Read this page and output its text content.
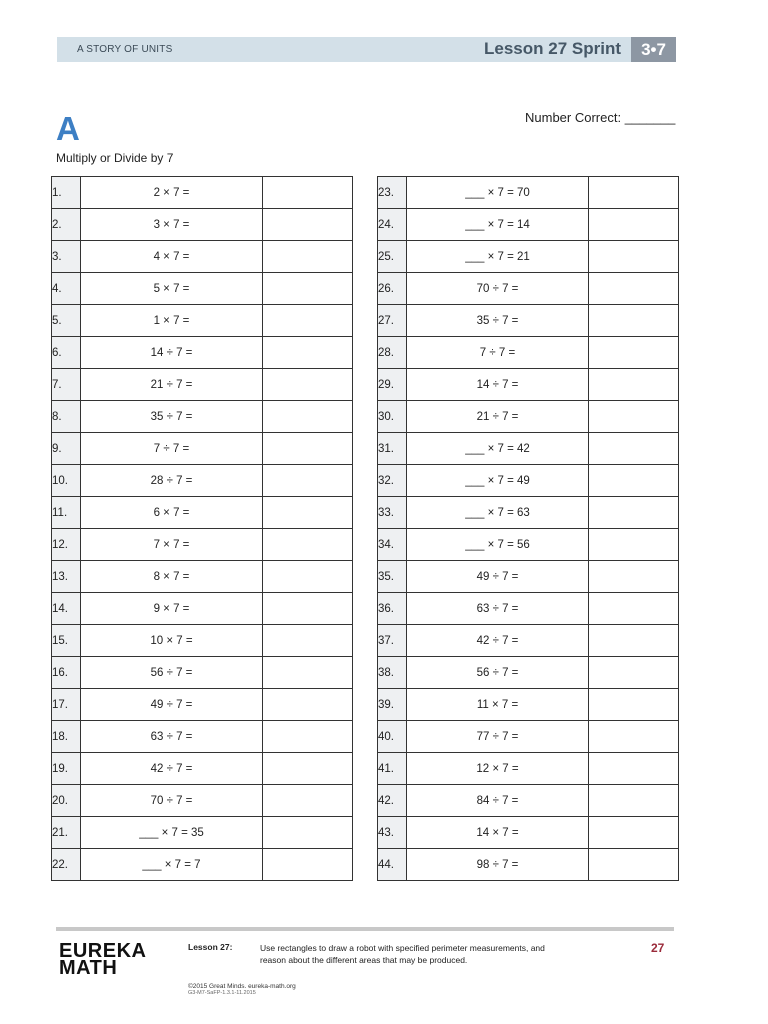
A STORY OF UNITS	Lesson 27 Sprint	3•7
A	Number Correct: _______
Multiply or Divide by 7
1.	2 × 7 =	
2.	3 × 7 =	
3.	4 × 7 =	
4.	5 × 7 =	
5.	1 × 7 =	
6.	14 ÷ 7 =	
7.	21 ÷ 7 =	
8.	35 ÷ 7 =	
9.	7 ÷ 7 =	
10.	28 ÷ 7 =	
11.	6 × 7 =	
12.	7 × 7 =	
13.	8 × 7 =	
14.	9 × 7 =	
15.	10 × 7 =	
16.	56 ÷ 7 =	
17.	49 ÷ 7 =	
18.	63 ÷ 7 =	
19.	42 ÷ 7 =	
20.	70 ÷ 7 =	
21.	___ × 7 = 35	
22.	___ × 7 = 7	
23.	___ × 7 = 70	
24.	___ × 7 = 14	
25.	___ × 7 = 21	
26.	70 ÷ 7 =	
27.	35 ÷ 7 =	
28.	7 ÷ 7 =	
29.	14 ÷ 7 =	
30.	21 ÷ 7 =	
31.	___ × 7 = 42	
32.	___ × 7 = 49	
33.	___ × 7 = 63	
34.	___ × 7 = 56	
35.	49 ÷ 7 =	
36.	63 ÷ 7 =	
37.	42 ÷ 7 =	
38.	56 ÷ 7 =	
39.	11 × 7 =	
40.	77 ÷ 7 =	
41.	12 × 7 =	
42.	84 ÷ 7 =	
43.	14 × 7 =	
44.	98 ÷ 7 =	
EUREKA
MATH
Lesson 27:	Use rectangles to draw a robot with specified perimeter measurements, and reason about the different areas that may be produced.
27
©2015 Great Minds. eureka-math.org
G3-M7-SaFP-1.3.1-11.2015
